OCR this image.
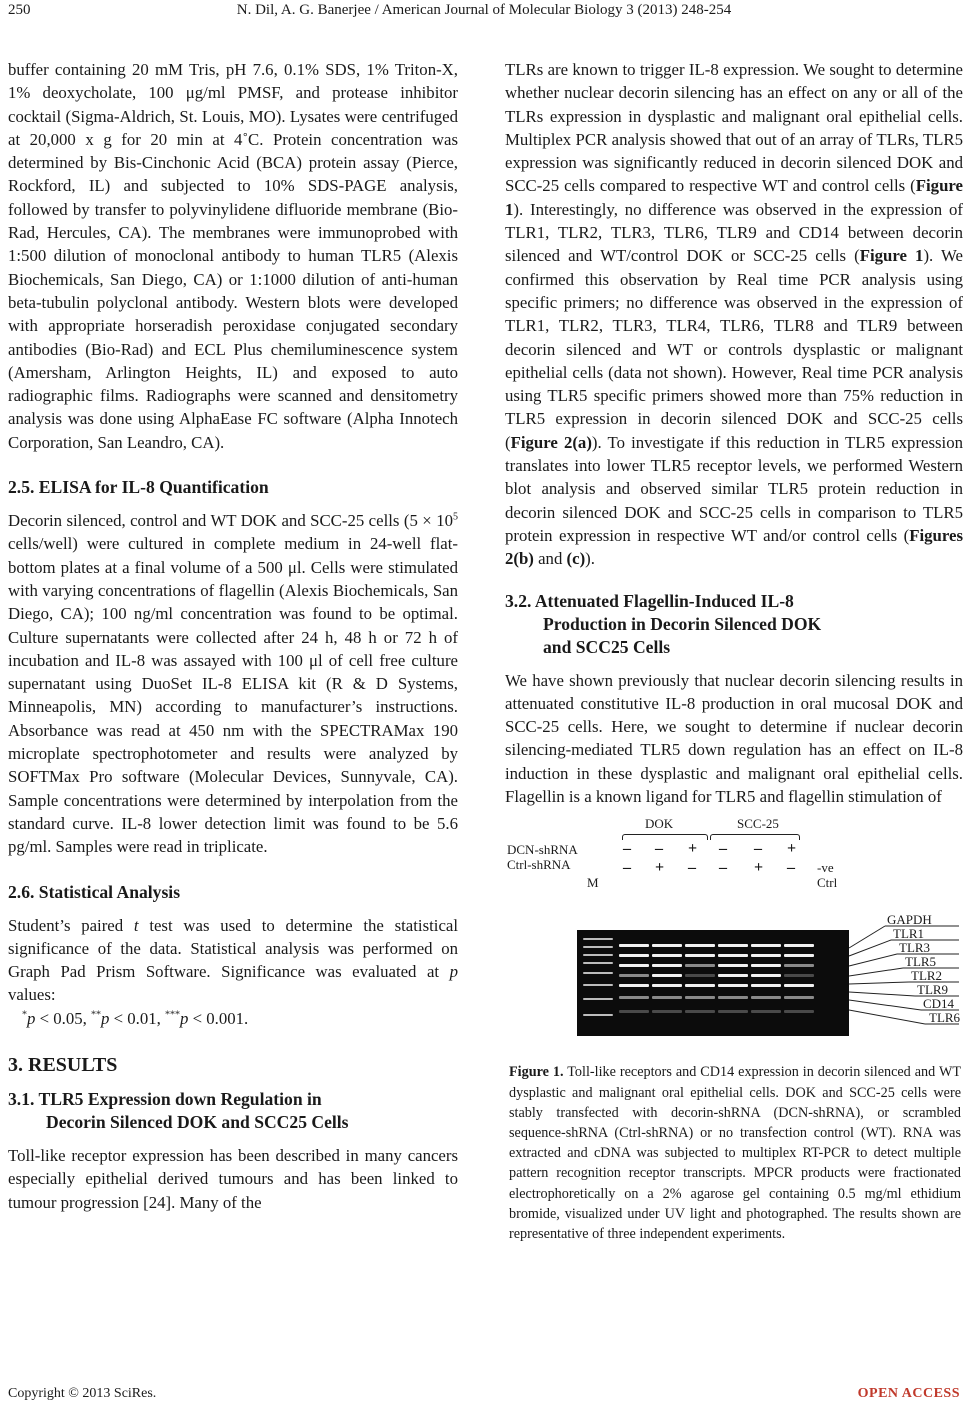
250	N. Dil, A. G. Banerjee / American Journal of Molecular Biology 3 (2013) 248-254

buffer containing 20 mM Tris, pH 7.6, 0.1% SDS, 1% Triton-X, 1% deoxycholate, 100 μg/ml PMSF, and protease inhibitor cocktail (Sigma-Aldrich, St. Louis, MO). Lysates were centrifuged at 20,000 x g for 20 min at 4˚C. Protein concentration was determined by Bis-Cinchonic Acid (BCA) protein assay (Pierce, Rockford, IL) and subjected to 10% SDS-PAGE analysis, followed by transfer to polyvinylidene difluoride membrane (Bio-Rad, Hercules, CA). The membranes were immunoprobed with 1:500 dilution of monoclonal antibody to human TLR5 (Alexis Biochemicals, San Diego, CA) or 1:1000 dilution of anti-human beta-tubulin polyclonal antibody. Western blots were developed with appropriate horseradish peroxidase conjugated secondary antibodies (Bio-Rad) and ECL Plus chemiluminescence system (Amersham, Arlington Heights, IL) and exposed to auto radiographic films. Radiographs were scanned and densitometry analysis was done using AlphaEase FC software (Alpha Innotech Corporation, San Leandro, CA).

2.5. ELISA for IL-8 Quantification

Decorin silenced, control and WT DOK and SCC-25 cells ($5 \times 10^5$ cells/well) were cultured in complete medium in 24-well flat-bottom plates at a final volume of a 500 μl. Cells were stimulated with varying concentrations of flagellin (Alexis Biochemicals, San Diego, CA); 100 ng/ml concentration was found to be optimal. Culture supernatants were collected after 24 h, 48 h or 72 h of incubation and IL-8 was assayed with 100 μl of cell free culture supernatant using DuoSet IL-8 ELISA kit (R & D Systems, Minneapolis, MN) according to manufacturer’s instructions. Absorbance was read at 450 nm with the SPECTRAMax 190 microplate spectrophotometer and results were analyzed by SOFTMax Pro software (Molecular Devices, Sunnyvale, CA). Sample concentrations were determined by interpolation from the standard curve. IL-8 lower detection limit was found to be 5.6 pg/ml. Samples were read in triplicate.

2.6. Statistical Analysis

Student’s paired t test was used to determine the statistical significance of the data. Statistical analysis was performed on Graph Pad Prism Software. Significance was evaluated at p values:

*p < 0.05, **p < 0.01, ***p < 0.001.

3. RESULTS
3.1. TLR5 Expression down Regulation in
Decorin Silenced DOK and SCC25 Cells

Toll-like receptor expression has been described in many cancers especially epithelial derived tumours and has been linked to tumour progression [24]. Many of the

TLRs are known to trigger IL-8 expression. We sought to determine whether nuclear decorin silencing has an effect on any or all of the TLRs expression in dysplastic and malignant oral epithelial cells. Multiplex PCR analysis showed that out of an array of TLRs, TLR5 expression was significantly reduced in decorin silenced DOK and SCC-25 cells compared to respective WT and control cells (Figure 1). Interestingly, no difference was observed in the expression of TLR1, TLR2, TLR3, TLR6, TLR9 and CD14 between decorin silenced and WT/control DOK or SCC-25 cells (Figure 1). We confirmed this observation by Real time PCR analysis using specific primers; no difference was observed in the expression of TLR1, TLR2, TLR3, TLR4, TLR6, TLR8 and TLR9 between decorin silenced and WT or controls dysplastic or malignant epithelial cells (data not shown). However, Real time PCR analysis using TLR5 specific primers showed more than 75% reduction in TLR5 expression in decorin silenced DOK and SCC-25 cells (Figure 2(a)). To investigate if this reduction in TLR5 expression translates into lower TLR5 receptor levels, we performed Western blot analysis and observed similar TLR5 protein reduction in decorin silenced DOK and SCC-25 cells in comparison to TLR5 protein expression in respective WT and/or control cells (Figures 2(b) and (c)).

3.2. Attenuated Flagellin-Induced IL-8
Production in Decorin Silenced DOK
and SCC25 Cells

We have shown previously that nuclear decorin silencing results in attenuated constitutive IL-8 production in oral mucosal DOK and SCC-25 cells. Here, we sought to determine if nuclear decorin silencing-mediated TLR5 down regulation has an effect on IL-8 induction in these dysplastic and malignant oral epithelial cells. Flagellin is a known ligand for TLR5 and flagellin stimulation of

DOK	SCC-25
DCN-shRNA
Ctrl-shRNA
– – + – – +
– + – – + – -ve
Ctrl
M
GAPDH
TLR1
TLR3
TLR5
TLR2
TLR9
CD14
TLR6

Figure 1. Toll-like receptors and CD14 expression in decorin silenced and WT dysplastic and malignant oral epithelial cells. DOK and SCC-25 cells were stably transfected with decorin-shRNA (DCN-shRNA), or scrambled sequence-shRNA (Ctrl-shRNA) or no transfection control (WT). RNA was extracted and cDNA was subjected to multiplex RT-PCR to detect multiple pattern recognition receptor transcripts. MPCR products were fractionated electrophoretically on a 2% agarose gel containing 0.5 mg/ml ethidium bromide, visualized under UV light and photographed. The results shown are representative of three independent experiments.

Copyright © 2013 SciRes.	OPEN ACCESS
